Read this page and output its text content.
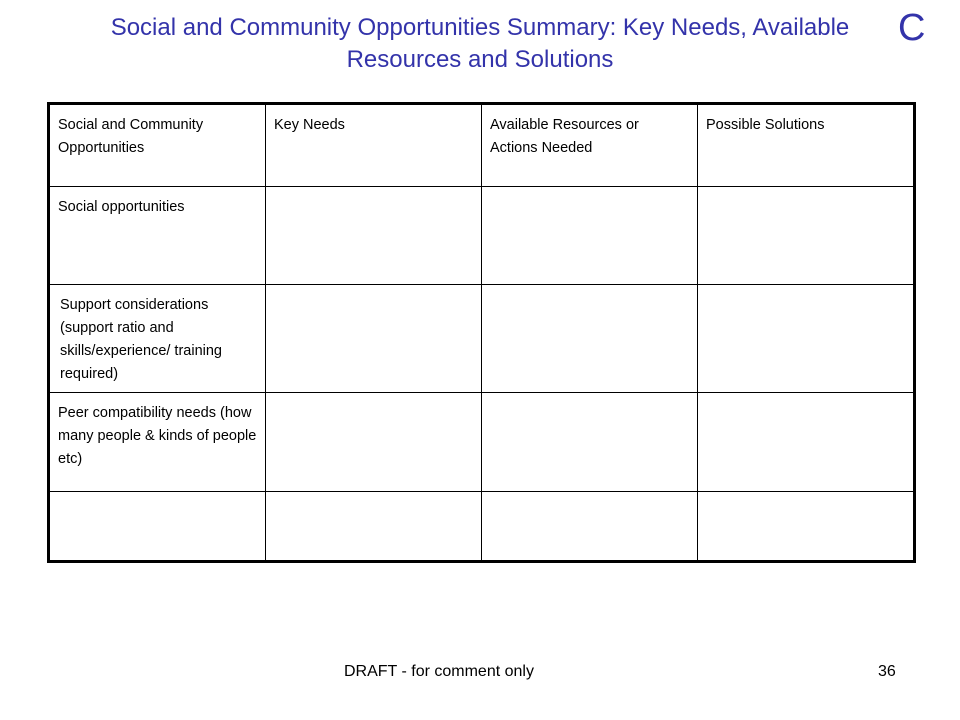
Social and Community Opportunities Summary: Key Needs, Available
Resources and Solutions
C
Social and Community Opportunities	Key Needs	Available Resources or Actions Needed	Possible Solutions
Social opportunities			
Support considerations (support ratio and skills/experience/ training required)			
Peer compatibility needs (how many people & kinds of people etc)			

DRAFT - for comment only	36
